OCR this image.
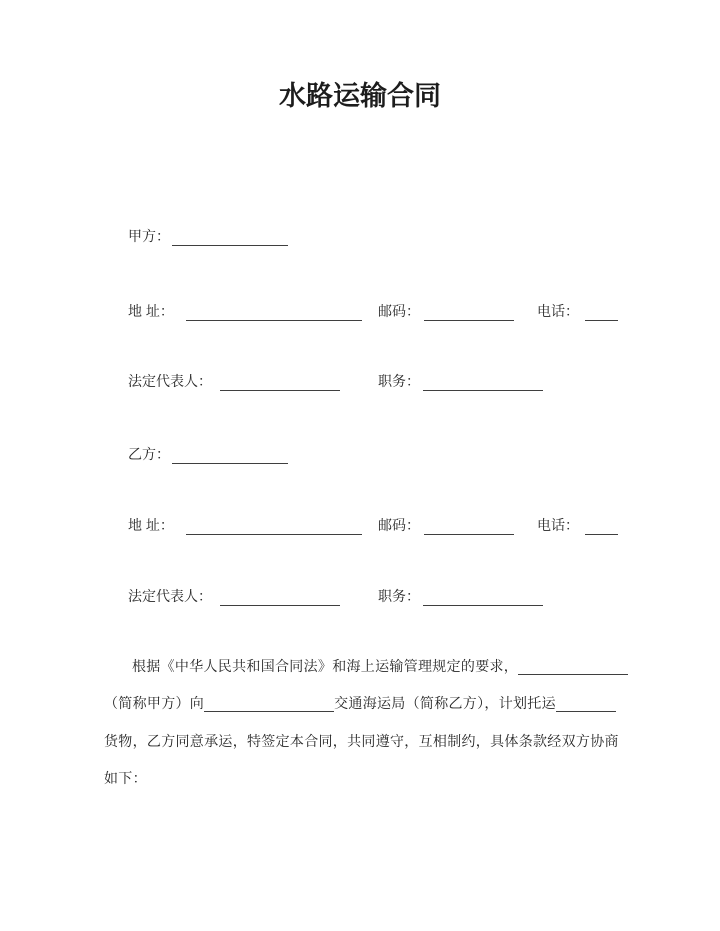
水路运输合同
甲方：
地 址：	邮码：	电话：
法定代表人：	职务：
乙方：
地 址：	邮码：	电话：
法定代表人：	职务：
根据《中华人民共和国合同法》和海上运输管理规定的要求，
（简称甲方）向	交通海运局（简称乙方），计划托运
货物，乙方同意承运，特签定本合同，共同遵守，互相制约，具体条款经双方协商
如下：
